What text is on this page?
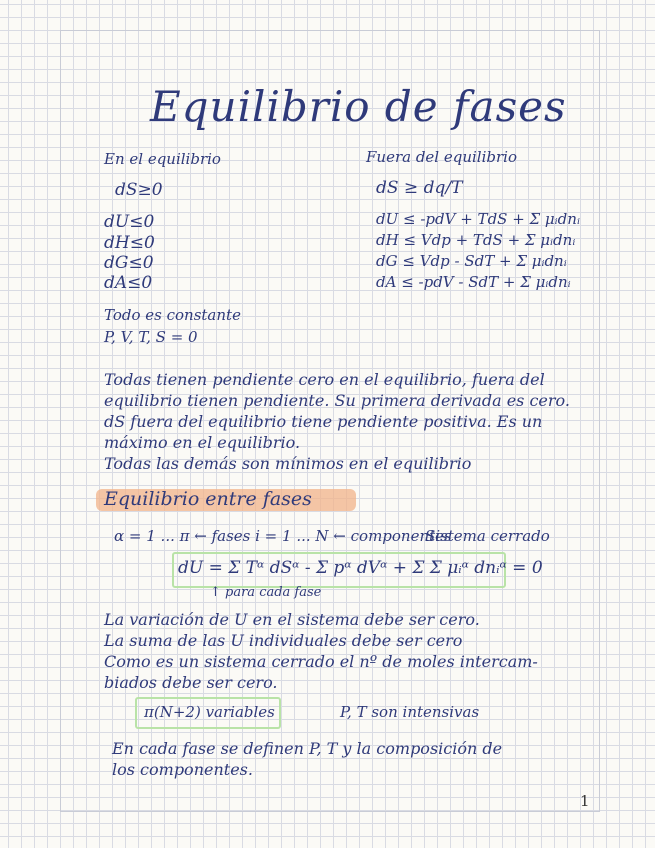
Equilibrio de fases
En el equilibrio
dS≥0
dU≤0
dH≤0
dG≤0
dA≤0
Todo es constante
P, V, T, S = 0
Fuera del equilibrio
dS ≥ dq/T
dU ≤ -pdV + TdS + Σ μᵢdnᵢ
dH ≤ Vdp + TdS + Σ μᵢdnᵢ
dG ≤ Vdp - SdT + Σ μᵢdnᵢ
dA ≤ -pdV - SdT + Σ μᵢdnᵢ
Todas tienen pendiente cero en el equilibrio, fuera del
equilibrio tienen pendiente. Su primera derivada es cero.
dS fuera del equilibrio tiene pendiente positiva. Es un
máximo en el equilibrio.
Todas las demás son mínimos en el equilibrio
Equilibrio entre fases
α = 1 ... π ← fases i = 1 ... N ← componentes
Sistema cerrado
dU = Σ Tᵅ dSᵅ - Σ pᵅ dVᵅ + Σ Σ μᵢᵅ dnᵢᵅ = 0
↑ para cada fase
La variación de U en el sistema debe ser cero.
La suma de las U individuales debe ser cero
Como es un sistema cerrado el nº de moles intercam-
biados debe ser cero.
π(N+2) variables	P, T son intensivas
En cada fase se definen P, T y la composición de
los componentes.
1
